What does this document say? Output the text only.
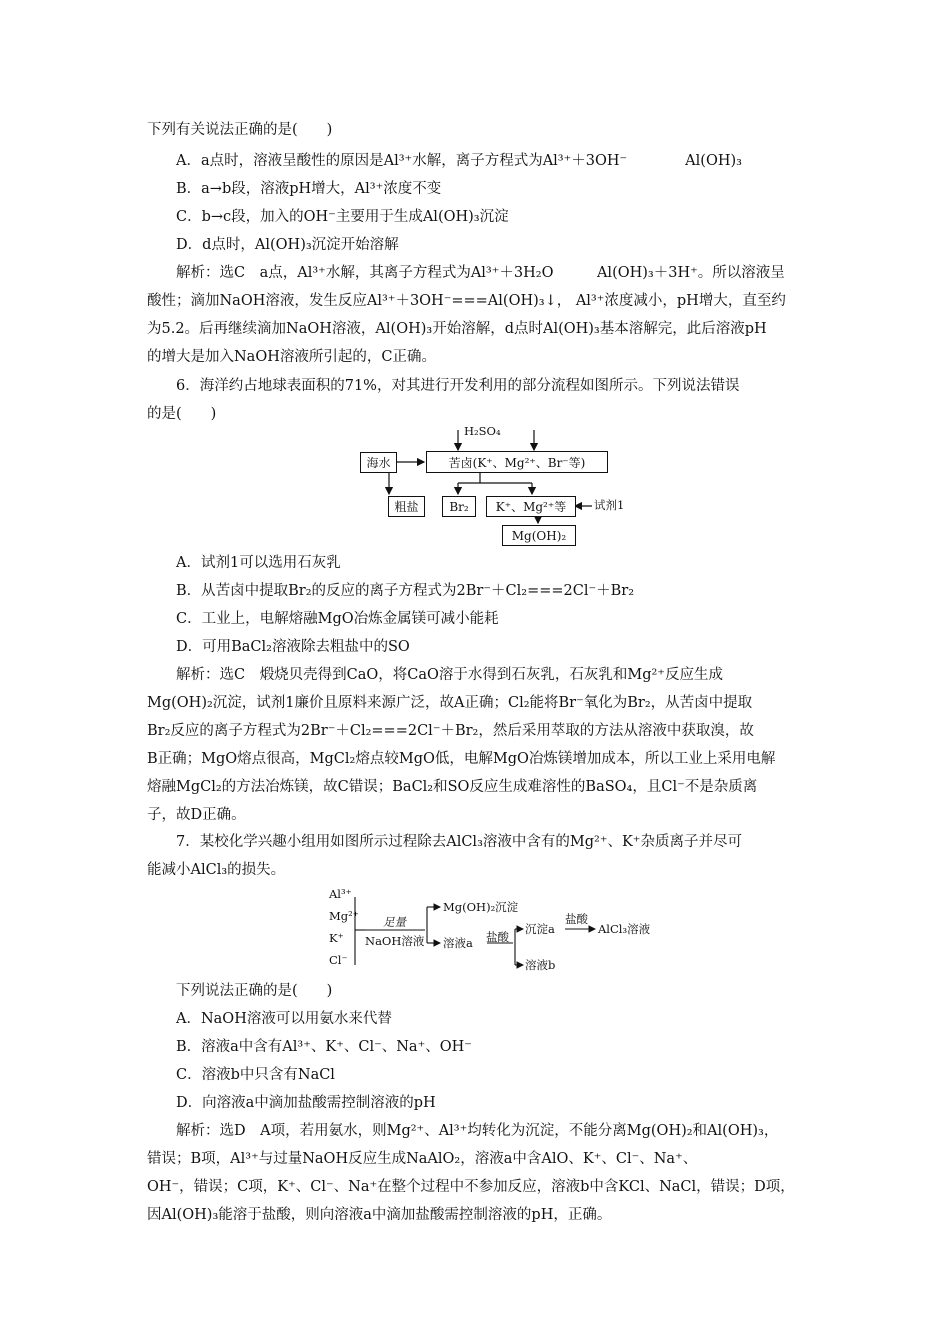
下列有关说法正确的是(　　)
A．a点时，溶液呈酸性的原因是Al³⁺水解，离子方程式为Al³⁺＋3OH⁻　　　　Al(OH)₃
B．a→b段，溶液pH增大，Al³⁺浓度不变
C．b→c段，加入的OH⁻主要用于生成Al(OH)₃沉淀
D．d点时，Al(OH)₃沉淀开始溶解
解析：选C　a点，Al³⁺水解，其离子方程式为Al³⁺＋3H₂O　　　Al(OH)₃＋3H⁺。所以溶液呈
酸性；滴加NaOH溶液，发生反应Al³⁺＋3OH⁻===Al(OH)₃↓， Al³⁺浓度减小，pH增大，直至约
为5.2。后再继续滴加NaOH溶液，Al(OH)₃开始溶解，d点时Al(OH)₃基本溶解完，此后溶液pH
的增大是加入NaOH溶液所引起的，C正确。
6．海洋约占地球表面积的71%，对其进行开发利用的部分流程如图所示。下列说法错误
的是(　　)
H₂SO₄
海水	苦卤(K⁺、Mg²⁺、Br⁻等)
粗盐	Br₂	K⁺、Mg²⁺等	试剂1
Mg(OH)₂
A．试剂1可以选用石灰乳
B．从苦卤中提取Br₂的反应的离子方程式为2Br⁻＋Cl₂===2Cl⁻＋Br₂
C．工业上，电解熔融MgO冶炼金属镁可减小能耗
D．可用BaCl₂溶液除去粗盐中的SO
解析：选C　煅烧贝壳得到CaO，将CaO溶于水得到石灰乳，石灰乳和Mg²⁺反应生成
Mg(OH)₂沉淀，试剂1廉价且原料来源广泛，故A正确；Cl₂能将Br⁻氧化为Br₂，从苦卤中提取
Br₂反应的离子方程式为2Br⁻＋Cl₂===2Cl⁻＋Br₂，然后采用萃取的方法从溶液中获取溴，故
B正确；MgO熔点很高，MgCl₂熔点较MgO低，电解MgO冶炼镁增加成本，所以工业上采用电解
熔融MgCl₂的方法冶炼镁，故C错误；BaCl₂和SO反应生成难溶性的BaSO₄，且Cl⁻不是杂质离
子，故D正确。
7．某校化学兴趣小组用如图所示过程除去AlCl₃溶液中含有的Mg²⁺、K⁺杂质离子并尽可
能减小AlCl₃的损失。
Al³⁺
Mg²⁺
K⁺
Cl⁻
足量
NaOH溶液
Mg(OH)₂沉淀
溶液a 盐酸
沉淀a
盐酸
AlCl₃溶液
溶液b
下列说法正确的是(　　)
A．NaOH溶液可以用氨水来代替
B．溶液a中含有Al³⁺、K⁺、Cl⁻、Na⁺、OH⁻
C．溶液b中只含有NaCl
D．向溶液a中滴加盐酸需控制溶液的pH
解析：选D　A项，若用氨水，则Mg²⁺、Al³⁺均转化为沉淀，不能分离Mg(OH)₂和Al(OH)₃，
错误；B项，Al³⁺与过量NaOH反应生成NaAlO₂，溶液a中含AlO、K⁺、Cl⁻、Na⁺、
OH⁻，错误；C项，K⁺、Cl⁻、Na⁺在整个过程中不参加反应，溶液b中含KCl、NaCl，错误；D项，
因Al(OH)₃能溶于盐酸，则向溶液a中滴加盐酸需控制溶液的pH，正确。
